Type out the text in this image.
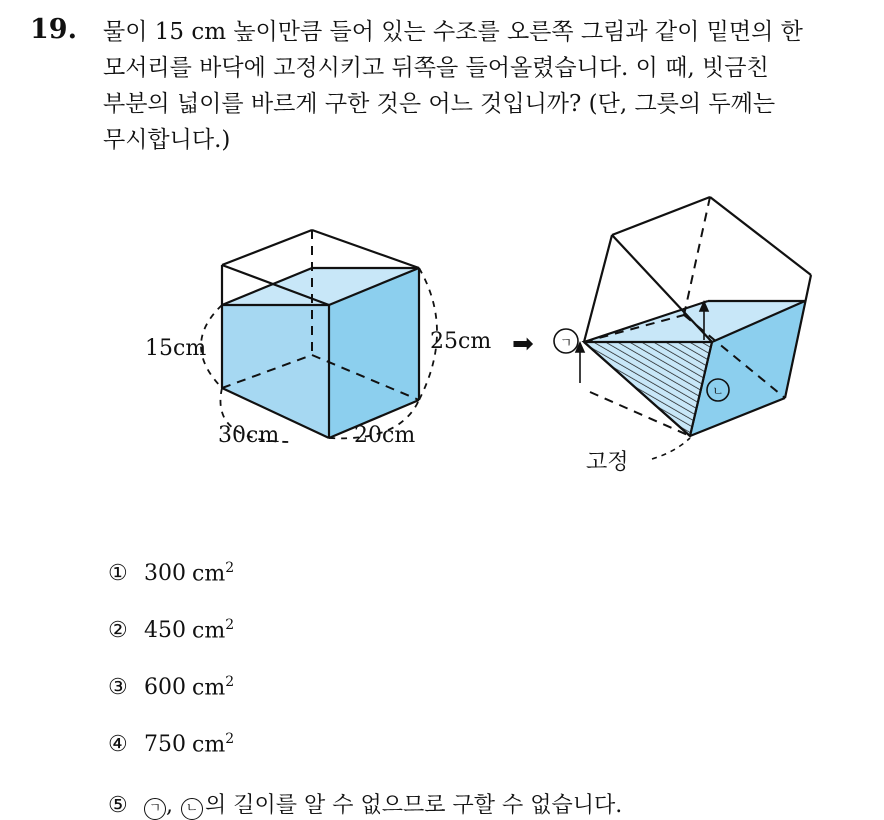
19. 물이 15 cm 높이만큼 들어 있는 수조를 오른쪽 그림과 같이 밑면의 한
모서리를 바닥에 고정시키고 뒤쪽을 들어올렸습니다. 이 때, 빗금친
부분의 넓이를 바르게 구한 것은 어느 것입니까? (단, 그릇의 두께는
무시합니다.)
15cm	25cm
30cm	20cm
➡ ㄱ
ㄴ
고정
① 300 $cm^2$
② 450 $cm^2$
③ 600 $cm^2$
④ 750 $cm^2$
⑤	ㄱ , ㄴ 의 길이를 알 수 없으므로 구할 수 없습니다.
